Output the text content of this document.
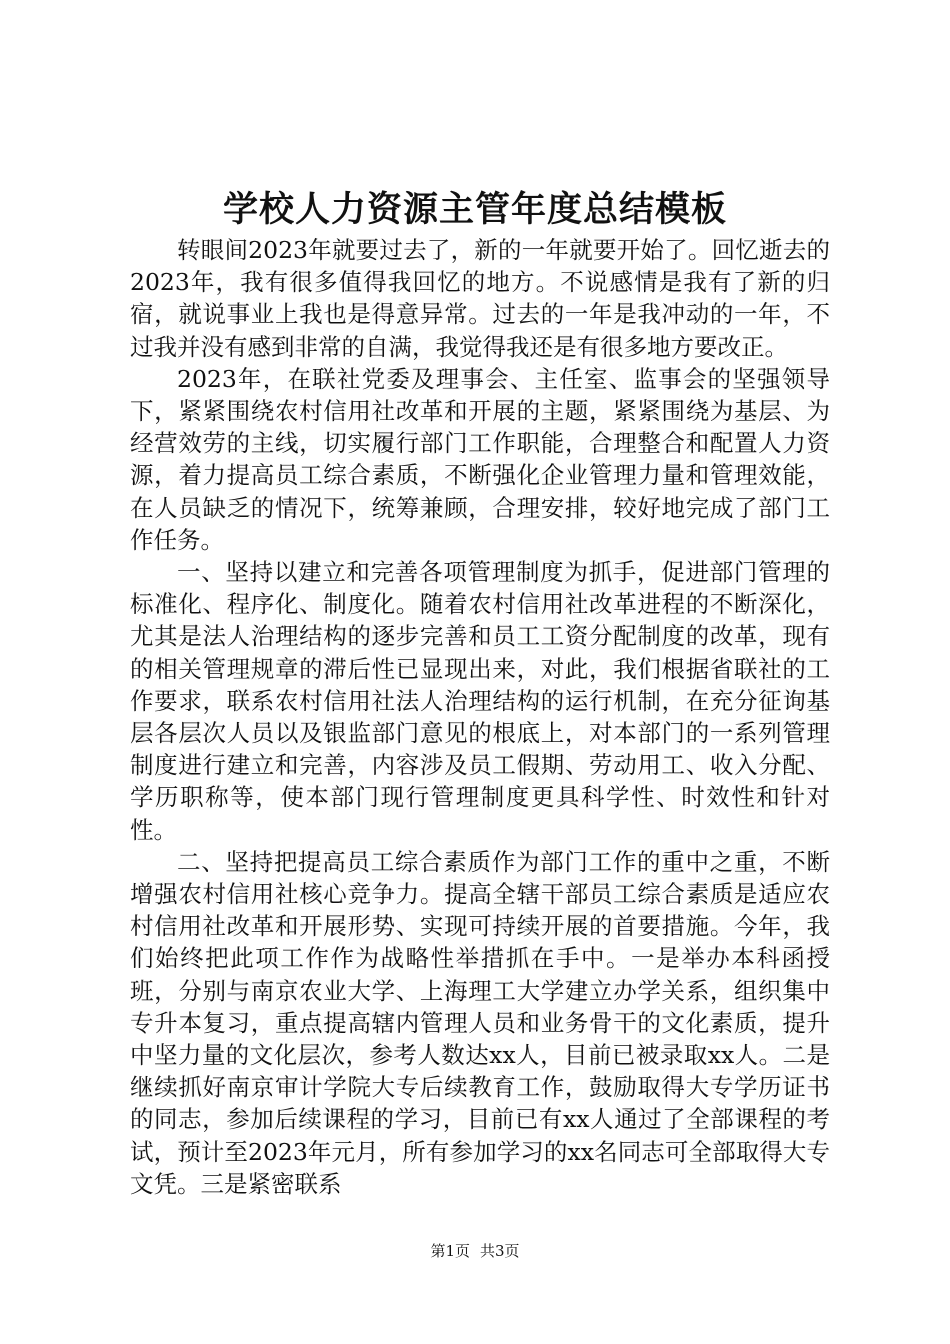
学校人力资源主管年度总结模板

转眼间2023年就要过去了，新的一年就要开始了。回忆逝去的2023年，我有很多值得我回忆的地方。不说感情是我有了新的归宿，就说事业上我也是得意异常。过去的一年是我冲动的一年，不过我并没有感到非常的自满，我觉得我还是有很多地方要改正。

2023年，在联社党委及理事会、主任室、监事会的坚强领导下，紧紧围绕农村信用社改革和开展的主题，紧紧围绕为基层、为经营效劳的主线，切实履行部门工作职能，合理整合和配置人力资源，着力提高员工综合素质，不断强化企业管理力量和管理效能，在人员缺乏的情况下，统筹兼顾，合理安排，较好地完成了部门工作任务。

一、坚持以建立和完善各项管理制度为抓手，促进部门管理的标准化、程序化、制度化。随着农村信用社改革进程的不断深化，尤其是法人治理结构的逐步完善和员工工资分配制度的改革，现有的相关管理规章的滞后性已显现出来，对此，我们根据省联社的工作要求，联系农村信用社法人治理结构的运行机制，在充分征询基层各层次人员以及银监部门意见的根底上，对本部门的一系列管理制度进行建立和完善，内容涉及员工假期、劳动用工、收入分配、学历职称等，使本部门现行管理制度更具科学性、时效性和针对性。

二、坚持把提高员工综合素质作为部门工作的重中之重，不断增强农村信用社核心竞争力。提高全辖干部员工综合素质是适应农村信用社改革和开展形势、实现可持续开展的首要措施。今年，我们始终把此项工作作为战略性举措抓在手中。一是举办本科函授班，分别与南京农业大学、上海理工大学建立办学关系，组织集中专升本复习，重点提高辖内管理人员和业务骨干的文化素质，提升中坚力量的文化层次，参考人数达xx人，目前已被录取xx人。二是继续抓好南京审计学院大专后续教育工作，鼓励取得大专学历证书的同志，参加后续课程的学习，目前已有xx人通过了全部课程的考试，预计至2023年元月，所有参加学习的xx名同志可全部取得大专文凭。三是紧密联系

第1页 共3页
